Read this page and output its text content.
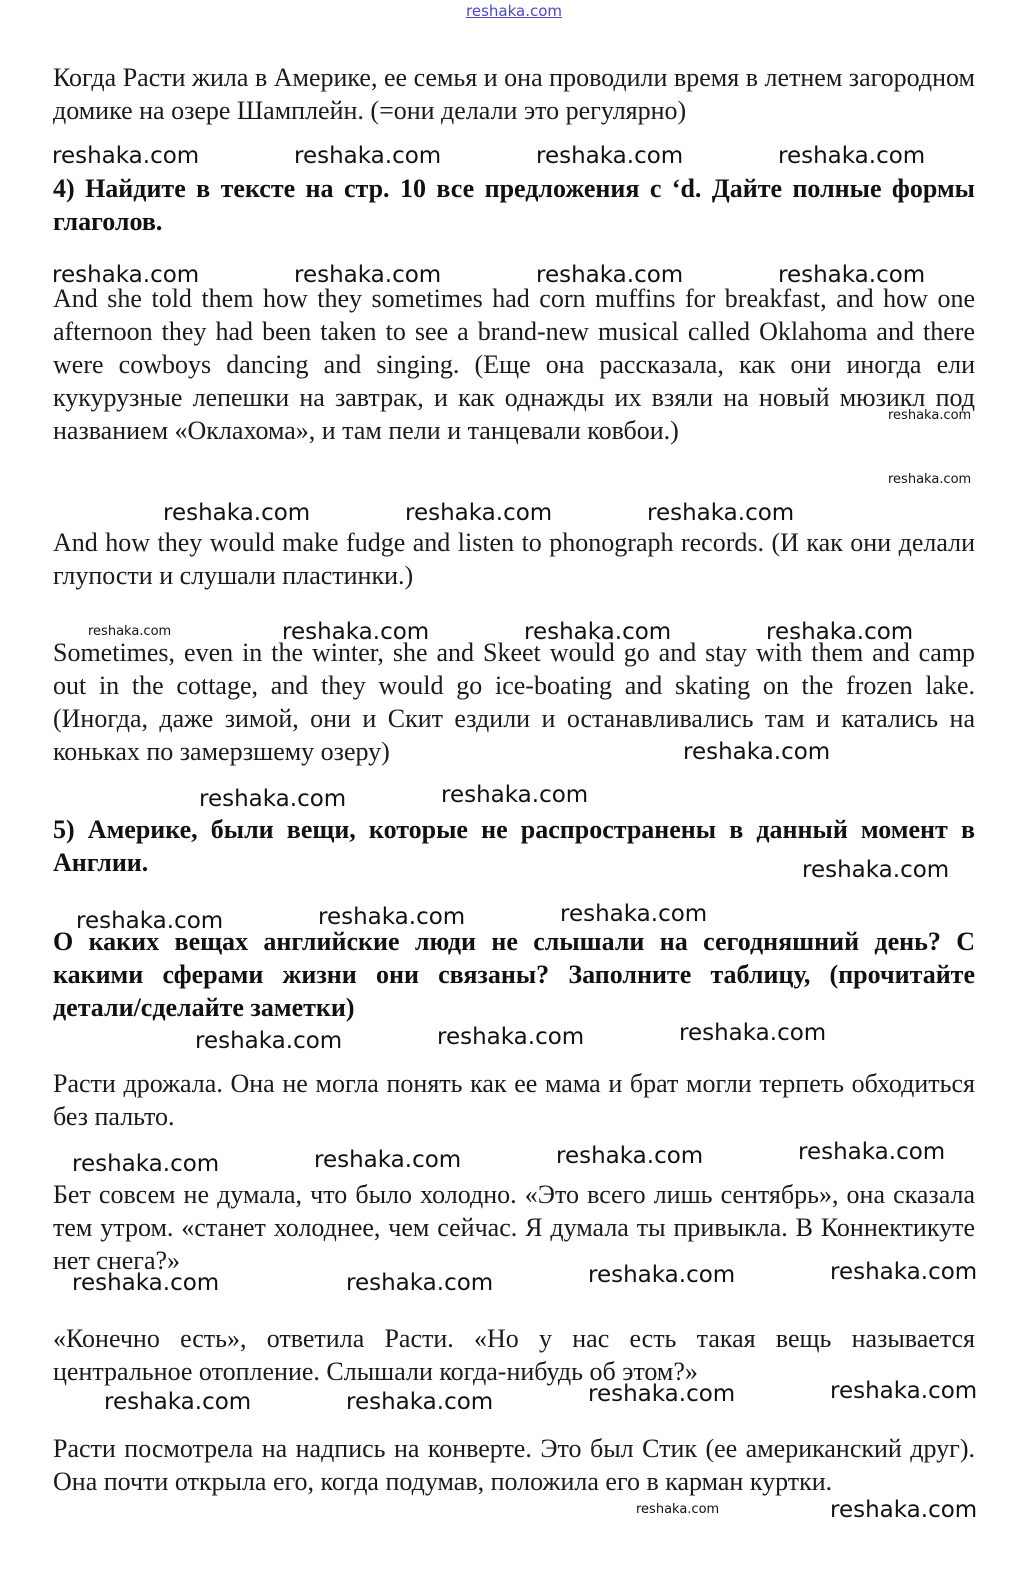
reshaka.com

Когда Расти жила в Америке, ее семья и она проводили время в летнем загородном домике на озере Шамплейн. (=они делали это регулярно)

reshaka.com	reshaka.com	reshaka.com	reshaka.com

4) Найдите в тексте на стр. 10 все предложения с ‘d. Дайте полные формы глаголов.

reshaka.com	reshaka.com	reshaka.com	reshaka.com

And she told them how they sometimes had corn muffins for breakfast, and how one afternoon they had been taken to see a brand-new musical called Oklahoma and there were cowboys dancing and singing. (Еще она рассказала, как они иногда ели кукурузные лепешки на завтрак, и как однажды их взяли на новый мюзикл под названием «Оклахома», и там пели и танцевали ковбои.)

reshaka.com
reshaka.com
reshaka.com	reshaka.com	reshaka.com

And how they would make fudge and listen to phonograph records. (И как они делали глупости и слушали пластинки.)

reshaka.com	reshaka.com	reshaka.com	reshaka.com

Sometimes, even in the winter, she and Skeet would go and stay with them and camp out in the cottage, and they would go ice-boating and skating on the frozen lake. (Иногда, даже зимой, они и Скит ездили и останавливались там и катались на коньках по замерзшему озеру)	reshaka.com
reshaka.com	reshaka.com

5) Америке, были вещи, которые не распространены в данный момент в Англии.	reshaka.com
reshaka.com	reshaka.com	reshaka.com

О каких вещах английские люди не слышали на сегодняшний день? С какими сферами жизни они связаны? Заполните таблицу, (прочитайте детали/сделайте заметки)

reshaka.com	reshaka.com	reshaka.com

Расти дрожала. Она не могла понять как ее мама и брат могли терпеть обходиться без пальто.

reshaka.com	reshaka.com	reshaka.com	reshaka.com

Бет совсем не думала, что было холодно. «Это всего лишь сентябрь», она сказала тем утром. «станет холоднее, чем сейчас. Я думала ты привыкла. В Коннектикуте нет снега?»

reshaka.com	reshaka.com	reshaka.com	reshaka.com

«Конечно есть», ответила Расти. «Но у нас есть такая вещь называется центральное отопление. Слышали когда-нибудь об этом?»

reshaka.com	reshaka.com	reshaka.com	reshaka.com

Расти посмотрела на надпись на конверте. Это был Стик (ее американский друг). Она почти открыла его, когда подумав, положила его в карман куртки.

reshaka.com	reshaka.com
